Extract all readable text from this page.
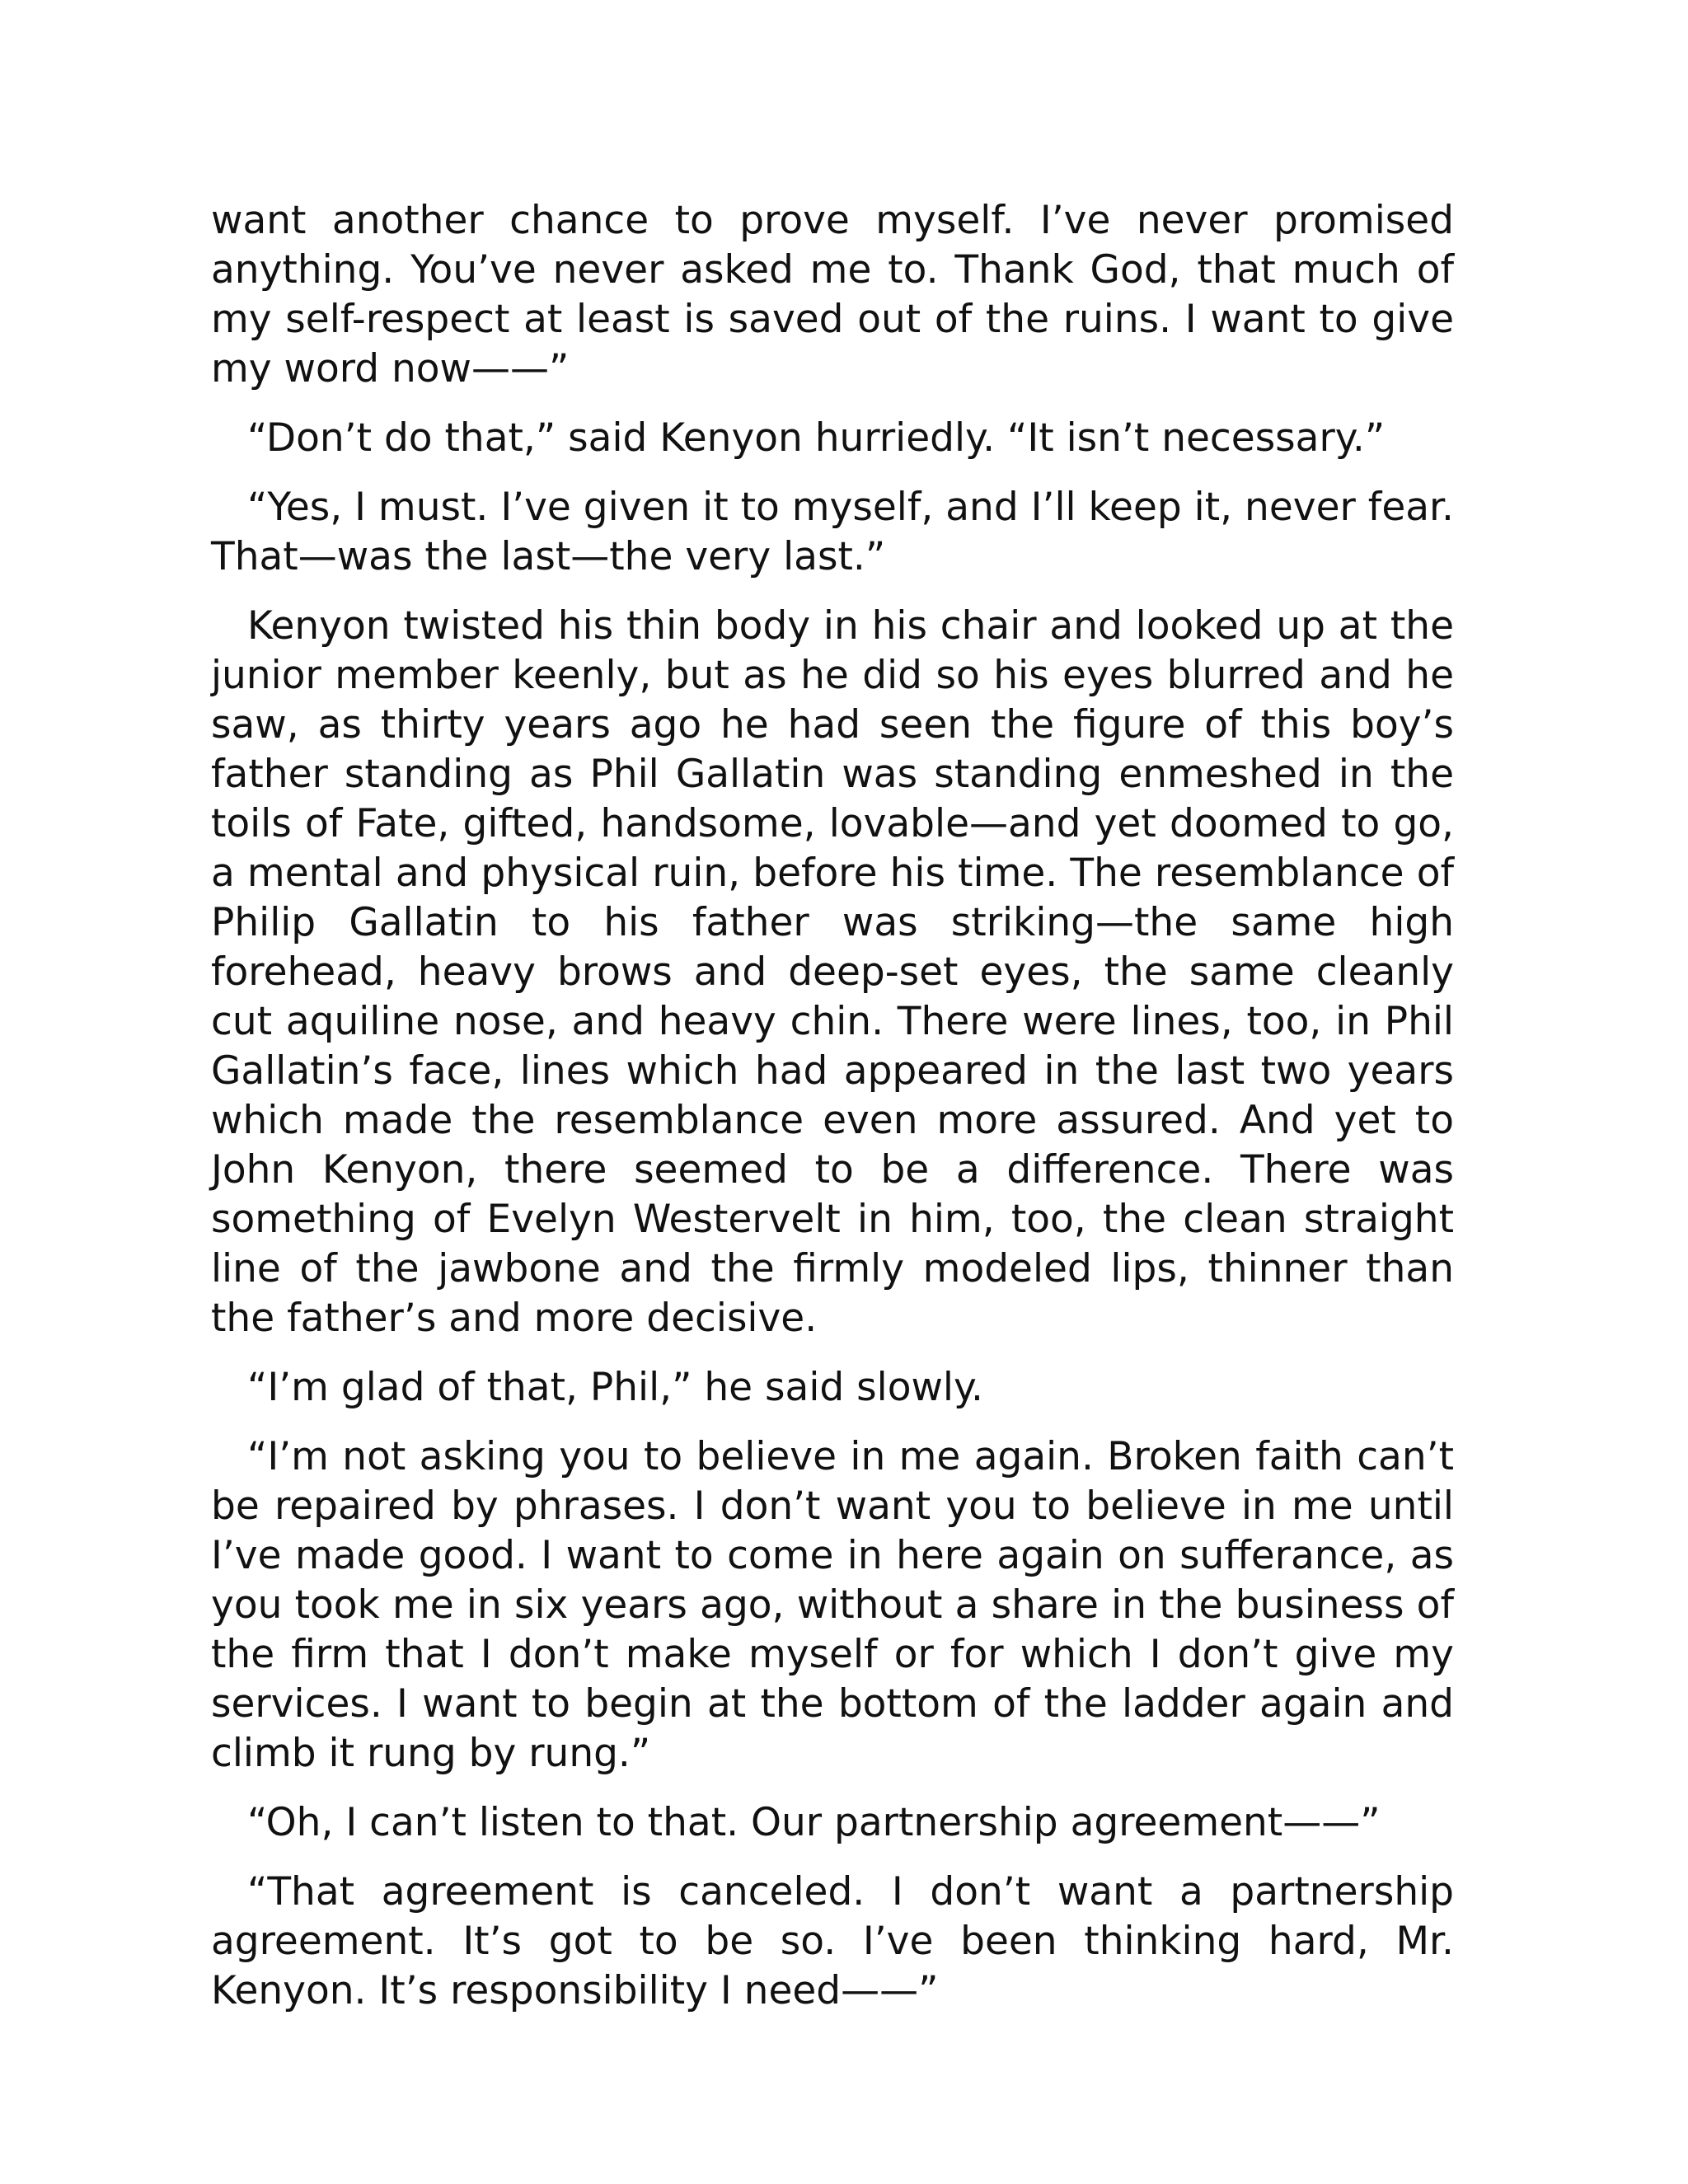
want another chance to prove myself. I’ve never promised anything. You’ve never asked me to. Thank God, that much of my self-respect at least is saved out of the ruins. I want to give my word now——”

“Don’t do that,” said Kenyon hurriedly. “It isn’t necessary.”

“Yes, I must. I’ve given it to myself, and I’ll keep it, never fear. That—was the last—the very last.”

Kenyon twisted his thin body in his chair and looked up at the junior member keenly, but as he did so his eyes blurred and he saw, as thirty years ago he had seen the figure of this boy’s father standing as Phil Gallatin was standing enmeshed in the toils of Fate, gifted, handsome, lovable—and yet doomed to go, a mental and physical ruin, before his time. The resemblance of Philip Gallatin to his father was striking—the same high forehead, heavy brows and deep-set eyes, the same cleanly cut aquiline nose, and heavy chin. There were lines, too, in Phil Gallatin’s face, lines which had appeared in the last two years which made the resemblance even more assured. And yet to John Kenyon, there seemed to be a difference. There was something of Evelyn Westervelt in him, too, the clean straight line of the jawbone and the firmly modeled lips, thinner than the father’s and more decisive.

“I’m glad of that, Phil,” he said slowly.

“I’m not asking you to believe in me again. Broken faith can’t be repaired by phrases. I don’t want you to believe in me until I’ve made good. I want to come in here again on sufferance, as you took me in six years ago, without a share in the business of the firm that I don’t make myself or for which I don’t give my services. I want to begin at the bottom of the ladder again and climb it rung by rung.”

“Oh, I can’t listen to that. Our partnership agreement——”

“That agreement is canceled. I don’t want a partnership agreement. It’s got to be so. I’ve been thinking hard, Mr. Kenyon. It’s responsibility I need——”
